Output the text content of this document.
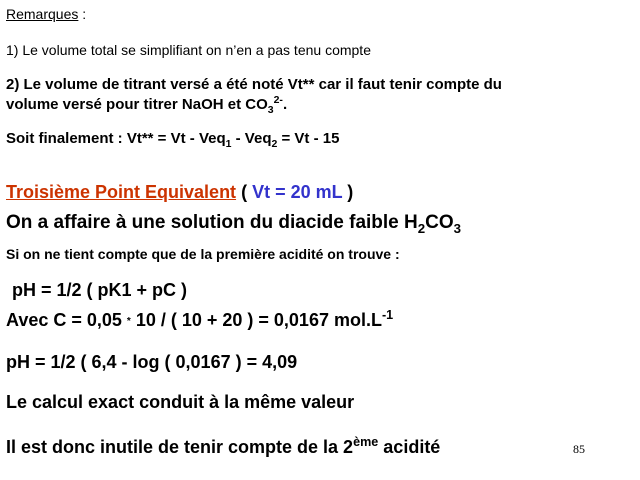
Remarques :
1) Le volume total se simplifiant on n’en a pas tenu compte
2) Le volume de titrant versé a été noté Vt** car il faut tenir compte du
volume versé pour titrer NaOH et $CO_3^{2-}$.
Soit finalement : Vt** = Vt - Veq$_1$ - Veq$_2$ = Vt - 15
Troisième Point Equivalent ( Vt = 20 mL )
On a affaire à une solution du diacide faible $H_2CO_3$
Si on ne tient compte que de la première acidité on trouve :
pH = 1/2 ( pK1 + pC )
Avec C = 0,05 * 10 / ( 10 + 20 ) = 0,0167 $mol.L^{-1}$
pH = 1/2 ( 6,4 - log ( 0,0167 ) = 4,09
Le calcul exact conduit à la même valeur
Il est donc inutile de tenir compte de la 2ème acidité	85
